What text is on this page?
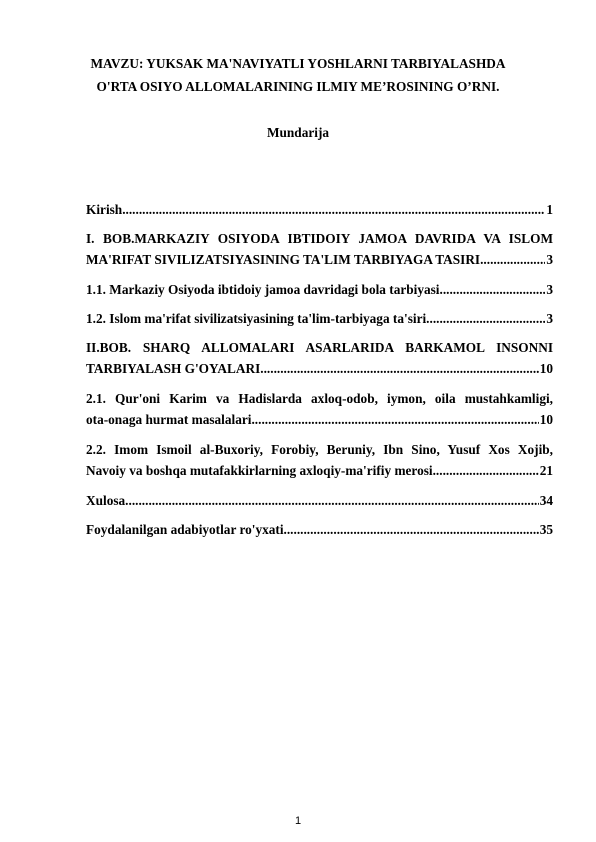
MAVZU: YUKSAK MA'NAVIYATLI YOSHLARNI TARBIYALASHDA
O'RTA OSIYO ALLOMALARINING ILMIY ME’ROSINING O’RNI.
Mundarija
Kirish .....	1
I. BOB.MARKAZIY OSIYODA IBTIDOIY JAMOA DAVRIDA VA ISLOM
MA'RIFAT SIVILIZATSIYASINING TA'LIM TARBIYAGA TASIRI .....	3
1.1. Markaziy Osiyoda ibtidoiy jamoa davridagi bola tarbiyasi .....	3
1.2. Islom ma'rifat sivilizatsiyasining ta'lim-tarbiyaga ta'siri .....	3
II.BOB. SHARQ ALLOMALARI ASARLARIDA BARKAMOL INSONNI
TARBIYALASH G'OYALARI .....	10
2.1. Qur'oni Karim va Hadislarda axloq-odob, iymon, oila mustahkamligi,
ota-onaga hurmat masalalari .....	10
2.2. Imom Ismoil al-Buxoriy, Forobiy, Beruniy, Ibn Sino, Yusuf Xos Xojib,
Navoiy va boshqa mutafakkirlarning axloqiy-ma'rifiy merosi .....	21
Xulosa .....	34
Foydalanilgan adabiyotlar ro'yxati .....	35
1
